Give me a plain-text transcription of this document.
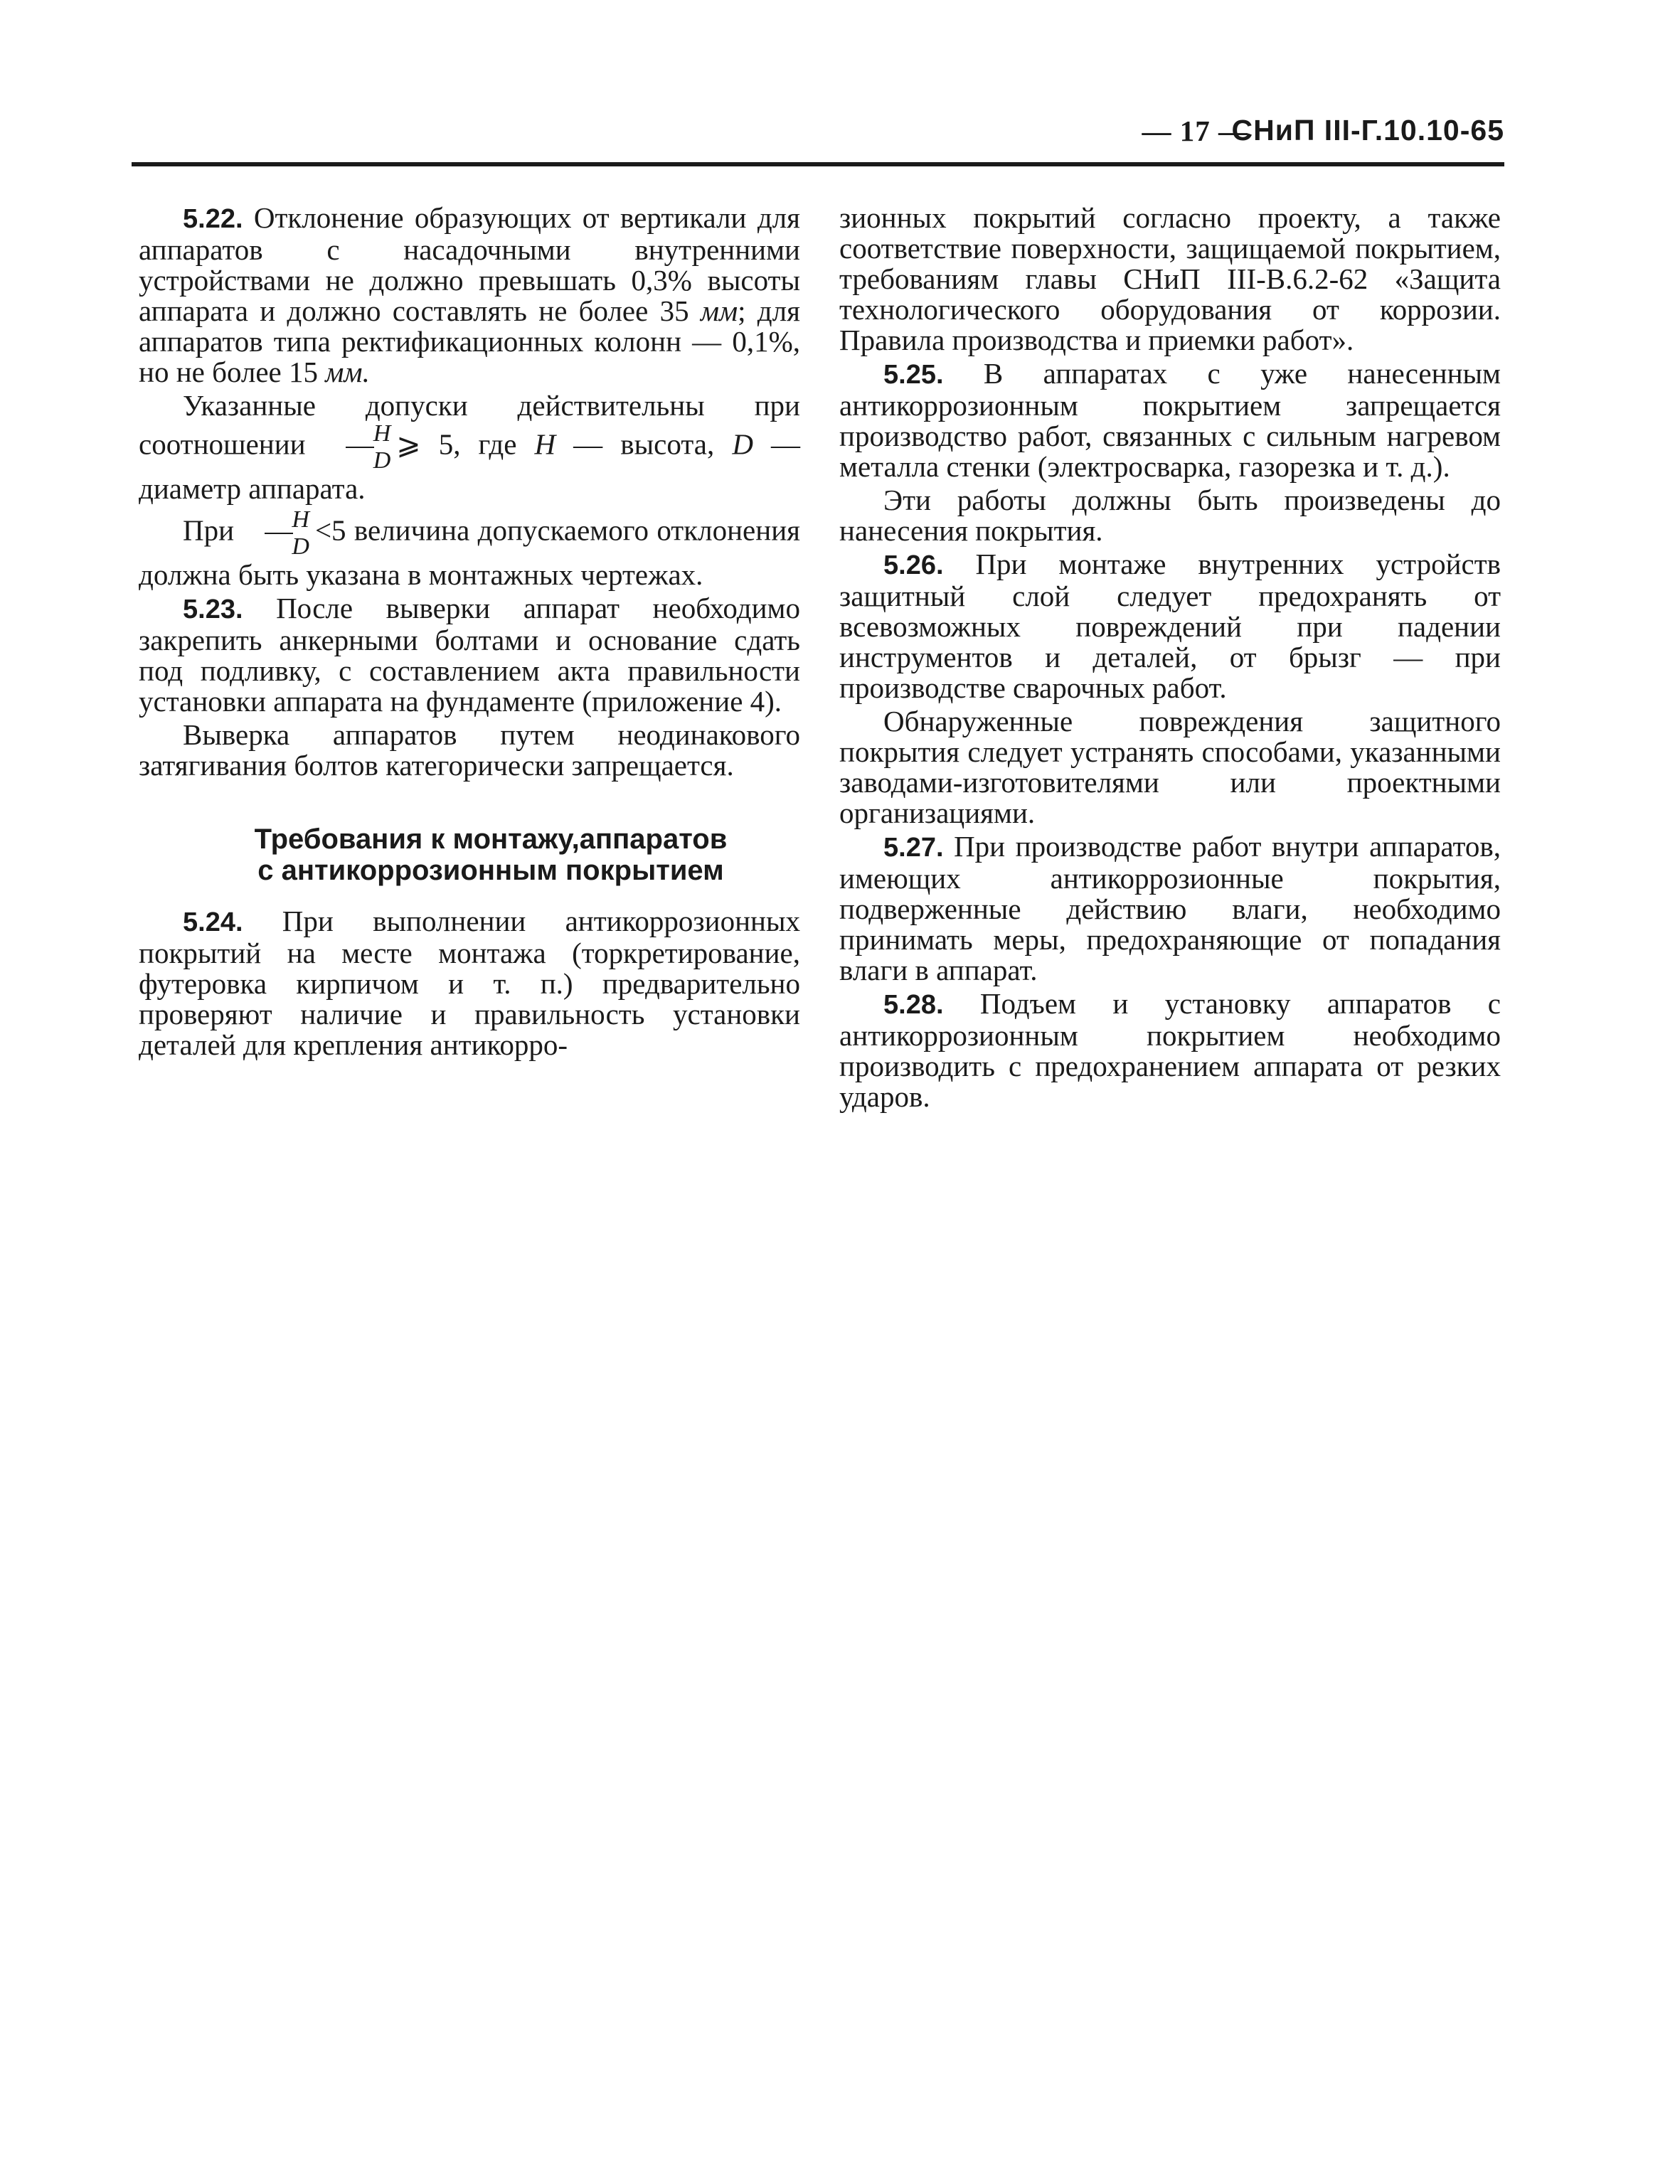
— 17 —
СНиП III-Г.10.10-65

5.22. Отклонение образующих от вертикали для аппаратов с насадочными внутренними устройствами не должно превышать 0,3% высоты аппарата и должно составлять не более 35 мм; для аппаратов типа ректификационных колонн — 0,1%, но не более 15 мм.

Указанные допуски действительны при соотношении $\frac{H}{D}$ ⩾ 5, где H — высота, D — диаметр аппарата.

При $\frac{H}{D} <5$ величина допускаемого отклонения должна быть указана в монтажных чертежах.

5.23. После выверки аппарат необходимо закрепить анкерными болтами и основание сдать под подливку, с составлением акта правильности установки аппарата на фундаменте (приложение 4).

Выверка аппаратов путем неодинакового затягивания болтов категорически запрещается.

Требования к монтажу,аппаратов
с антикоррозионным покрытием

5.24. При выполнении антикоррозионных покрытий на месте монтажа (торкретирование, футеровка кирпичом и т. п.) предварительно проверяют наличие и правильность установки деталей для крепления антикорро-

зионных покрытий согласно проекту, а также соответствие поверхности, защищаемой покрытием, требованиям главы СНиП III-В.6.2-62 «Защита технологического оборудования от коррозии. Правила производства и приемки работ».

5.25. В аппаратах с уже нанесенным антикоррозионным покрытием запрещается производство работ, связанных с сильным нагревом металла стенки (электросварка, газорезка и т. д.).

Эти работы должны быть произведены до нанесения покрытия.

5.26. При монтаже внутренних устройств защитный слой следует предохранять от всевозможных повреждений при падении инструментов и деталей, от брызг — при производстве сварочных работ.

Обнаруженные повреждения защитного покрытия следует устранять способами, указанными заводами-изготовителями или проектными организациями.

5.27. При производстве работ внутри аппаратов, имеющих антикоррозионные покрытия, подверженные действию влаги, необходимо принимать меры, предохраняющие от попадания влаги в аппарат.

5.28. Подъем и установку аппаратов с антикоррозионным покрытием необходимо производить с предохранением аппарата от резких ударов.
